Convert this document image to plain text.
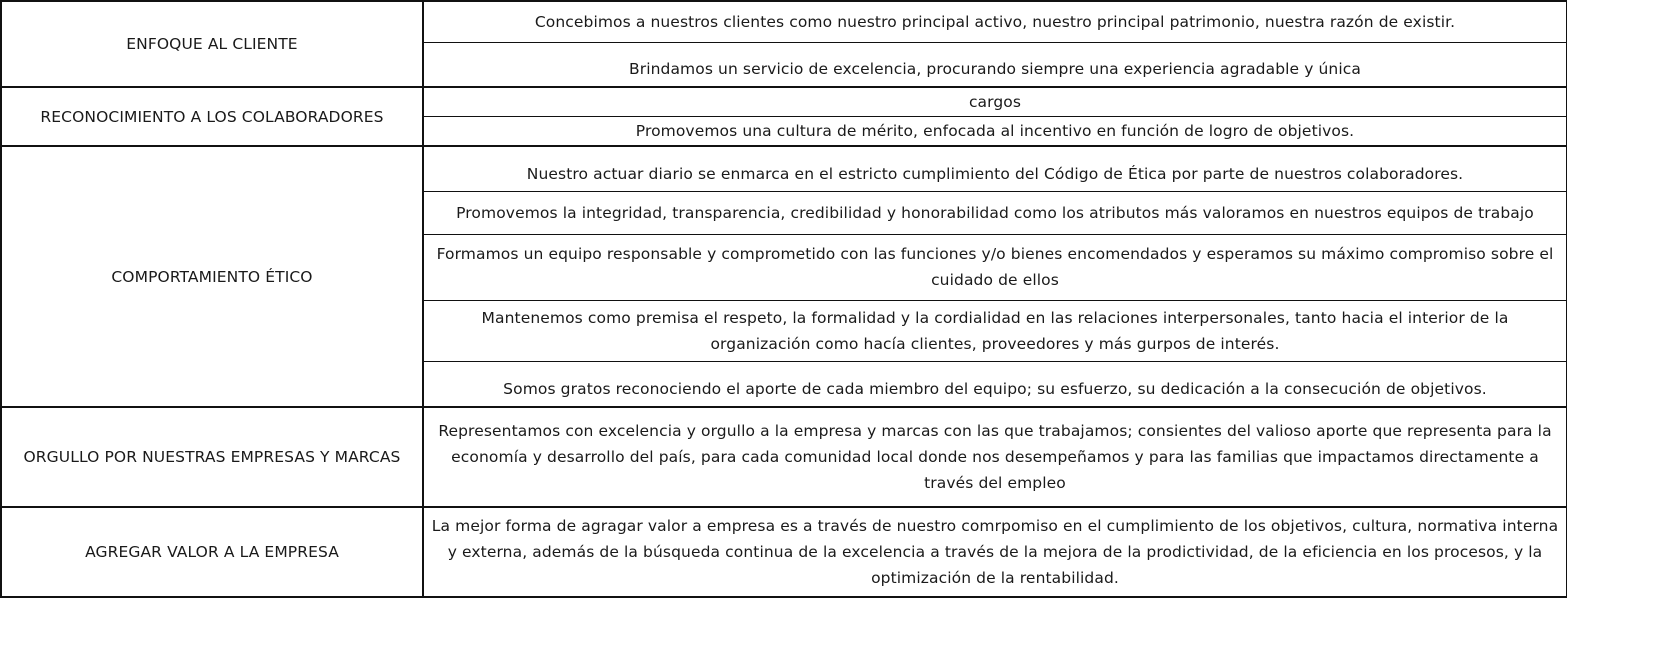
ENFOQUE AL CLIENTE	Concebimos a nuestros clientes como nuestro principal activo, nuestro principal patrimonio, nuestra razón de existir.
	Brindamos un servicio de excelencia, procurando siempre una experiencia agradable y única
RECONOCIMIENTO A LOS COLABORADORES	cargos
	Promovemos una cultura de mérito, enfocada al incentivo en función de logro de objetivos.
COMPORTAMIENTO ÉTICO	Nuestro actuar diario se enmarca en el estricto cumplimiento del Código de Ética por parte de nuestros colaboradores.
	Promovemos la integridad, transparencia, credibilidad y honorabilidad como los atributos más valoramos en nuestros equipos de trabajo
	Formamos un equipo responsable y comprometido con las funciones y/o bienes encomendados y esperamos su máximo compromiso sobre el cuidado de ellos
	Mantenemos como premisa el respeto, la formalidad y la cordialidad en las relaciones interpersonales, tanto hacia el interior de la organización como hacía clientes, proveedores y más gurpos de interés.
	Somos gratos reconociendo el aporte de cada miembro del equipo; su esfuerzo, su dedicación a la consecución de objetivos.
ORGULLO POR NUESTRAS EMPRESAS Y MARCAS	Representamos con excelencia y orgullo a la empresa y marcas con las que trabajamos; consientes del valioso aporte que representa para la economía y desarrollo del país, para cada comunidad local donde nos desempeñamos y para las familias que impactamos directamente a través del empleo
AGREGAR VALOR A LA EMPRESA	La mejor forma de agragar valor a empresa es a través de nuestro comrpomiso en el cumplimiento de los objetivos, cultura, normativa interna y externa, además de la búsqueda continua de la excelencia a través de la mejora de la prodictividad, de la eficiencia en los procesos, y la optimización de la rentabilidad.
